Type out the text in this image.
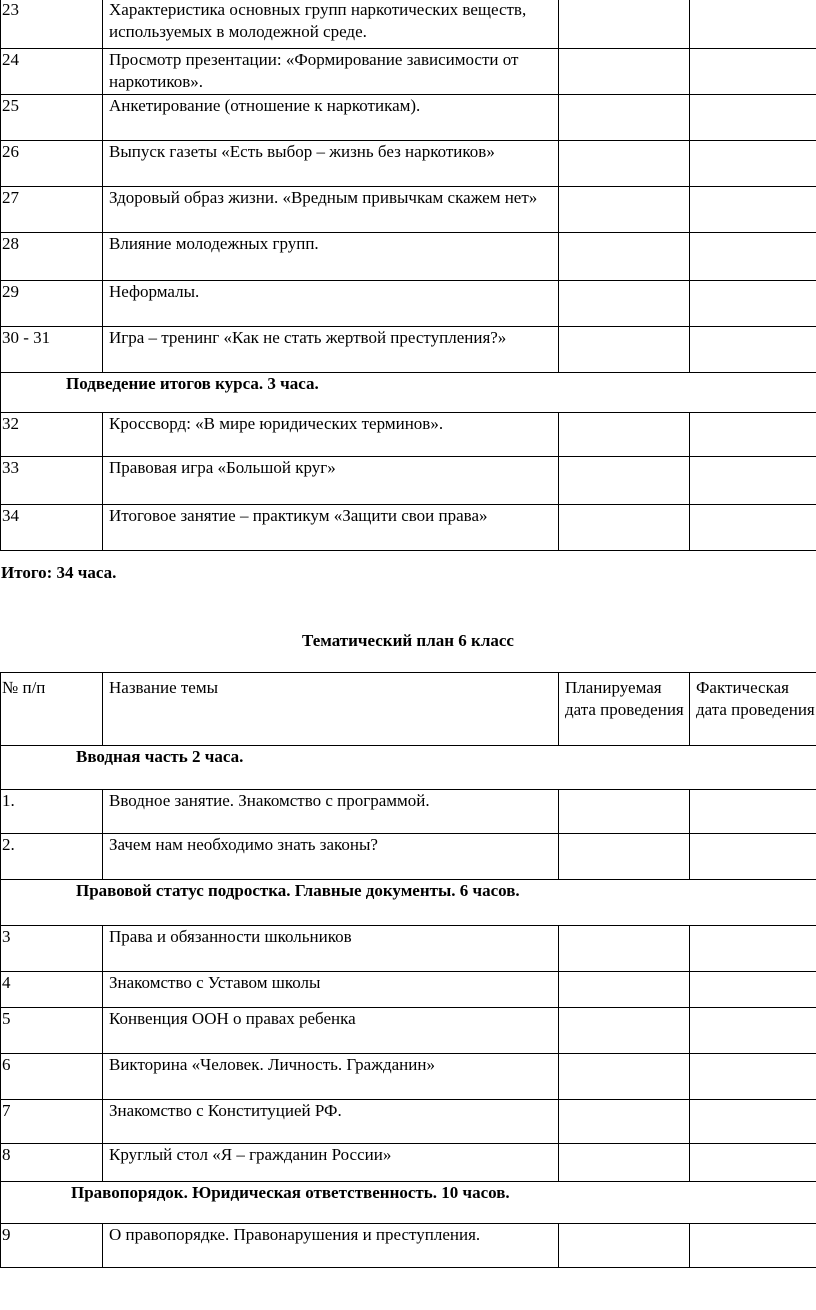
23	Характеристика основных групп наркотических веществ, используемых в молодежной среде.		
24	Просмотр презентации: «Формирование зависимости от наркотиков».		
25	Анкетирование (отношение к наркотикам).		
26	Выпуск газеты «Есть выбор – жизнь без наркотиков»		
27	Здоровый образ жизни. «Вредным привычкам скажем нет»		
28	Влияние молодежных групп.		
29	Неформалы.		
30 - 31	Игра – тренинг «Как не стать жертвой преступления?»		
Подведение итогов курса. 3 часа.			
32	Кроссворд: «В мире юридических терминов».		
33	Правовая игра «Большой круг»		
34	Итоговое занятие – практикум «Защити свои права»		
Итого: 34 часа.
Тематический план 6 класс
№ п/п	Название темы	Планируемая дата проведения	Фактическая дата проведения
Вводная часть 2 часа.			
1.	Вводное занятие. Знакомство с программой.		
2.	Зачем нам необходимо знать законы?		
Правовой статус подростка. Главные документы. 6 часов.			
3	Права и обязанности школьников		
4	Знакомство с Уставом школы		
5	Конвенция ООН о правах ребенка		
6	Викторина «Человек. Личность. Гражданин»		
7	Знакомство с Конституцией РФ.		
8	Круглый стол «Я – гражданин России»		
Правопорядок. Юридическая ответственность. 10 часов.			
9	О правопорядке. Правонарушения и преступления.		
